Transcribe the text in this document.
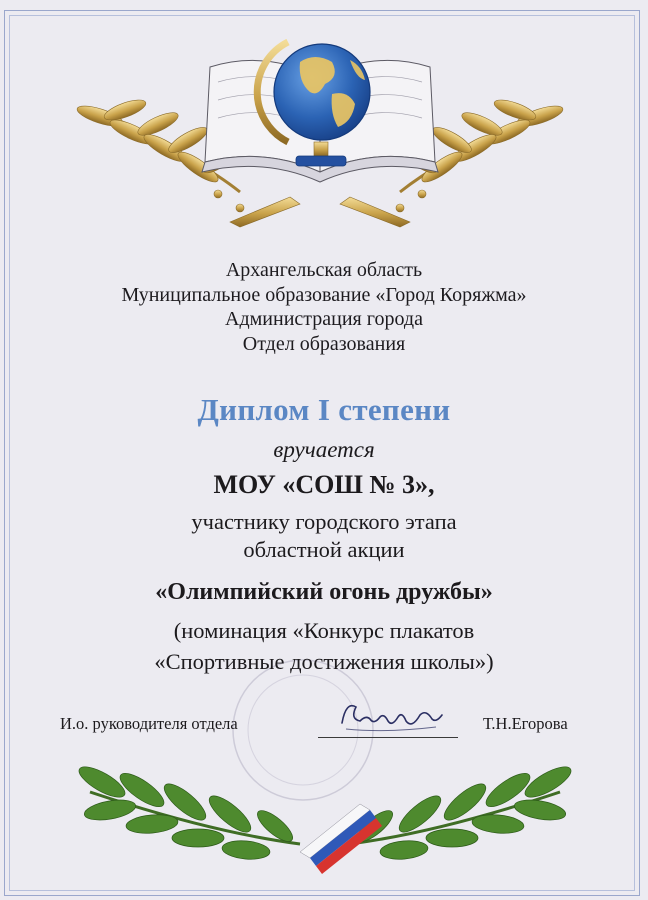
Архангельская область
Муниципальное образование «Город Коряжма»
Администрация города
Отдел образования
Диплом I степени
вручается
МОУ «СОШ № 3»,
участнику городского этапа
областной акции
«Олимпийский огонь дружбы»
(номинация «Конкурс плакатов
«Спортивные достижения школы»)
И.о. руководителя отдела	Т.Н.Егорова
